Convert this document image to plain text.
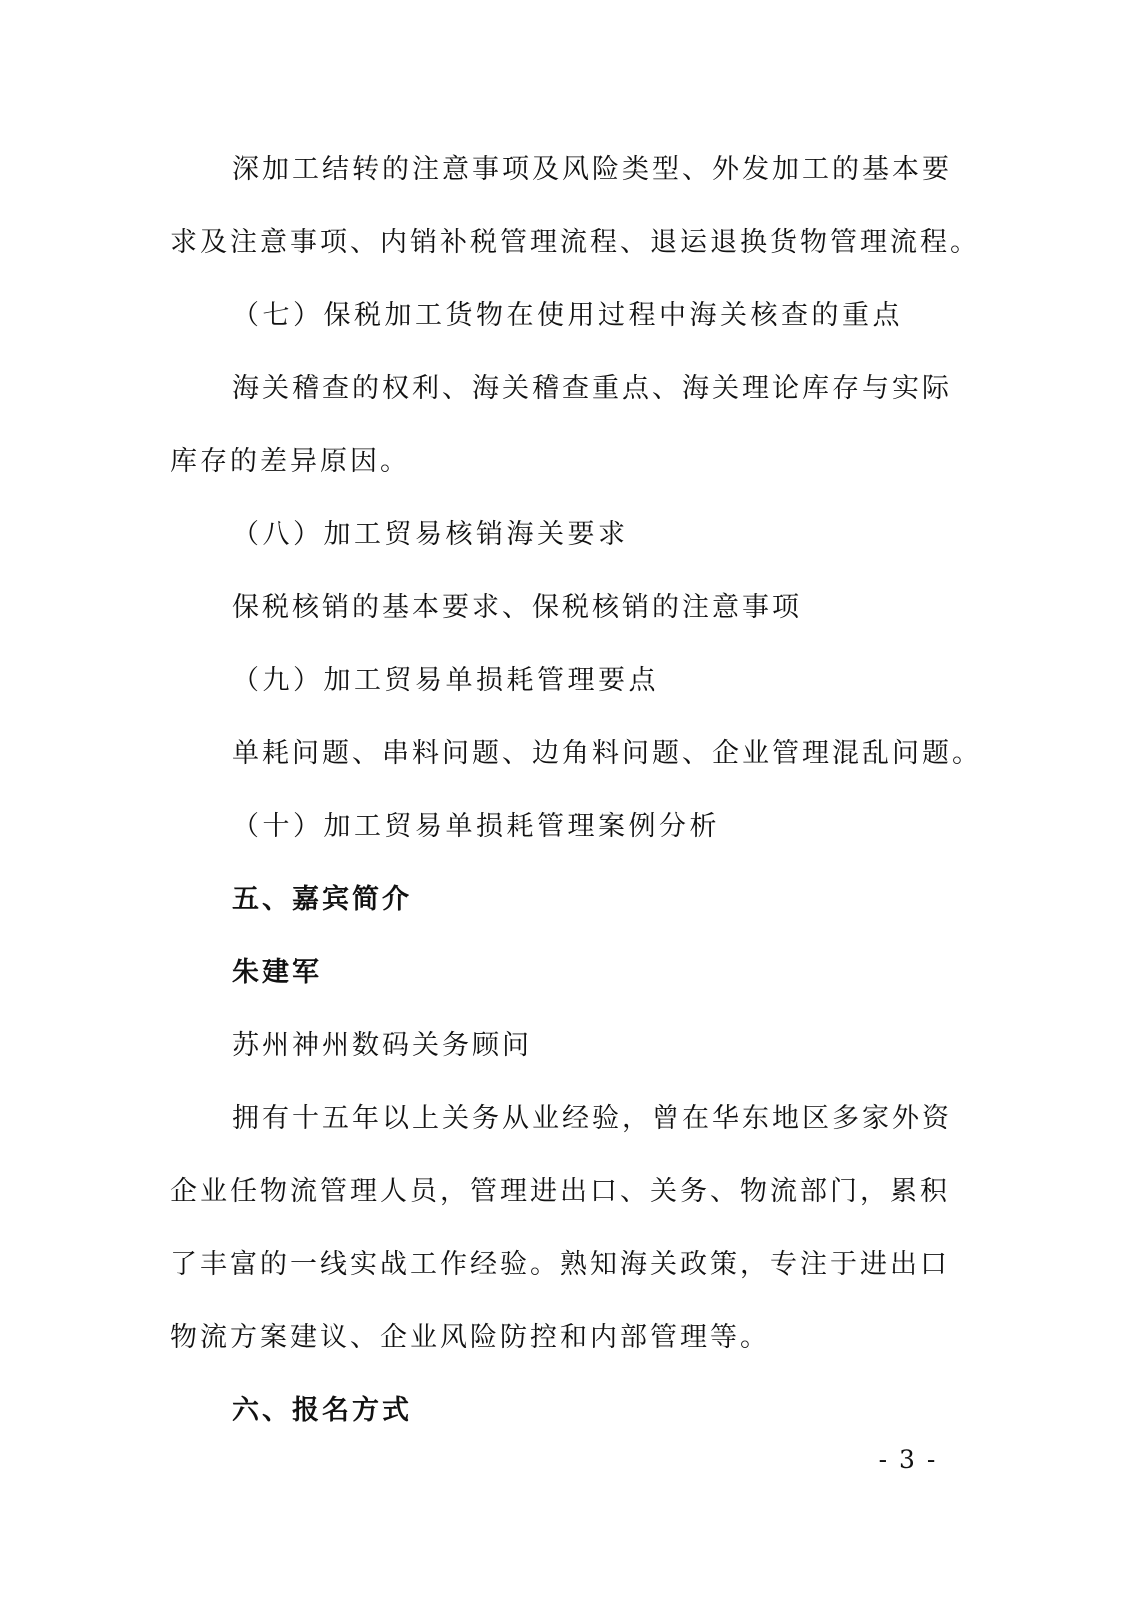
深加工结转的注意事项及风险类型、外发加工的基本要
求及注意事项、内销补税管理流程、退运退换货物管理流程。
（七）保税加工货物在使用过程中海关核查的重点
海关稽查的权利、海关稽查重点、海关理论库存与实际
库存的差异原因。
（八）加工贸易核销海关要求
保税核销的基本要求、保税核销的注意事项
（九）加工贸易单损耗管理要点
单耗问题、串料问题、边角料问题、企业管理混乱问题。
（十）加工贸易单损耗管理案例分析
五、嘉宾简介
朱建军
苏州神州数码关务顾问
拥有十五年以上关务从业经验，曾在华东地区多家外资
企业任物流管理人员，管理进出口、关务、物流部门，累积
了丰富的一线实战工作经验。熟知海关政策，专注于进出口
物流方案建议、企业风险防控和内部管理等。
六、报名方式
- 3 -
